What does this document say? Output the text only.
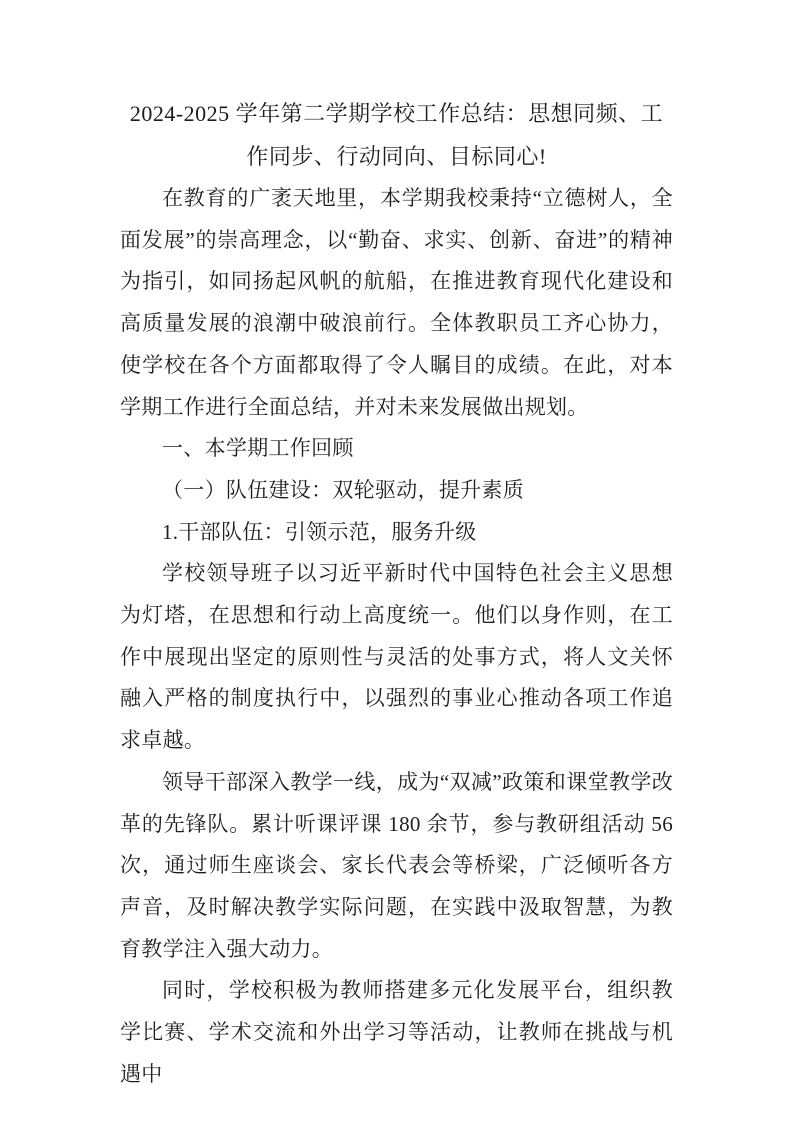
2024-2025 学年第二学期学校工作总结：思想同频、工作同步、行动同向、目标同心!

在教育的广袤天地里，本学期我校秉持“立德树人，全面发展”的崇高理念，以“勤奋、求实、创新、奋进”的精神为指引，如同扬起风帆的航船，在推进教育现代化建设和高质量发展的浪潮中破浪前行。全体教职员工齐心协力，使学校在各个方面都取得了令人瞩目的成绩。在此，对本学期工作进行全面总结，并对未来发展做出规划。

一、本学期工作回顾
（一）队伍建设：双轮驱动，提升素质
1.干部队伍：引领示范，服务升级

学校领导班子以习近平新时代中国特色社会主义思想为灯塔，在思想和行动上高度统一。他们以身作则，在工作中展现出坚定的原则性与灵活的处事方式，将人文关怀融入严格的制度执行中，以强烈的事业心推动各项工作追求卓越。

领导干部深入教学一线，成为“双减”政策和课堂教学改革的先锋队。累计听课评课 180 余节，参与教研组活动 56 次，通过师生座谈会、家长代表会等桥梁，广泛倾听各方声音，及时解决教学实际问题，在实践中汲取智慧，为教育教学注入强大动力。

同时，学校积极为教师搭建多元化发展平台，组织教学比赛、学术交流和外出学习等活动，让教师在挑战与机遇中
